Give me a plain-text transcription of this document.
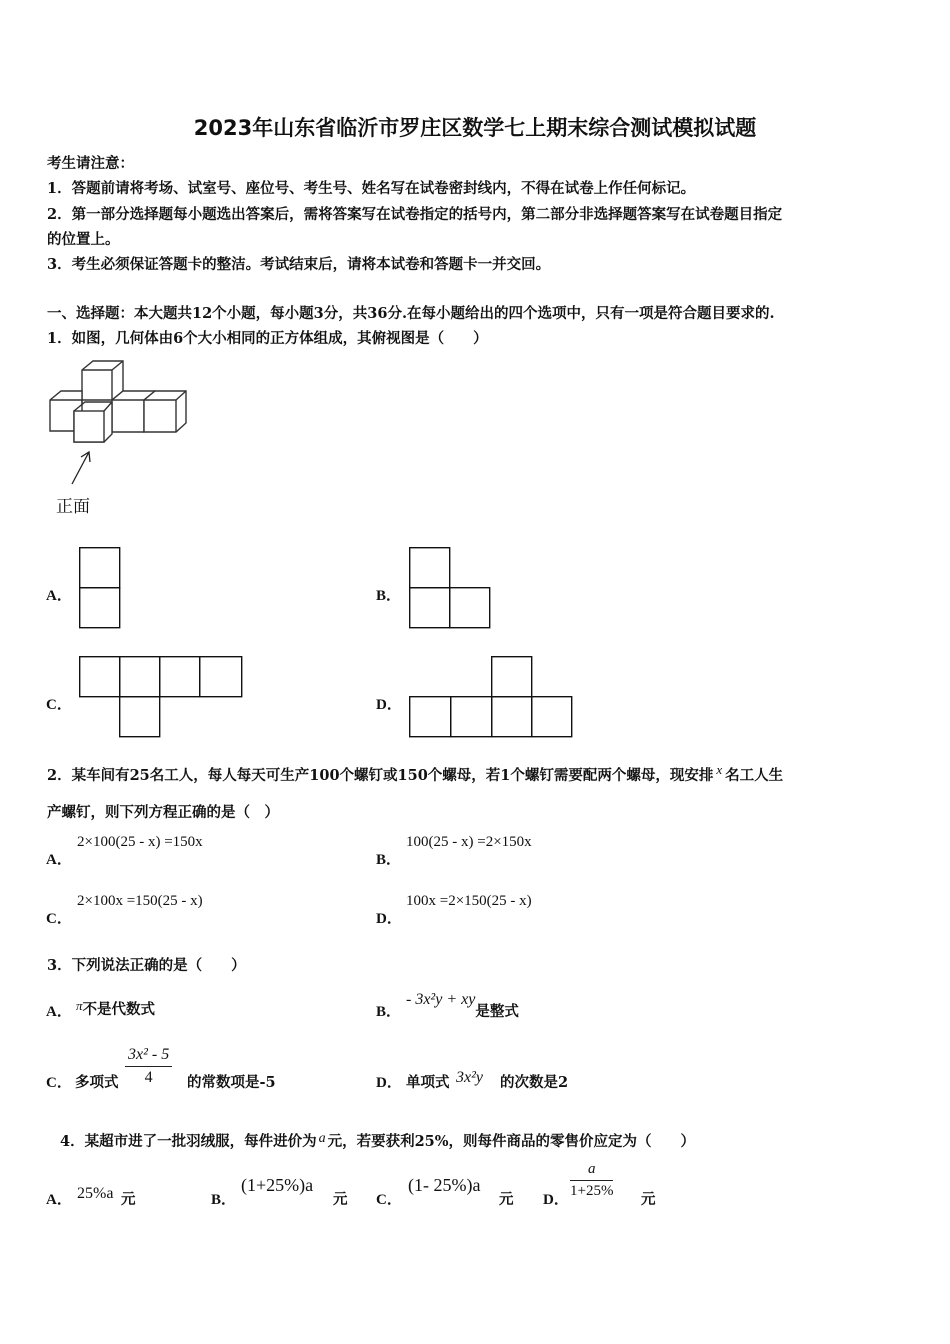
2023年山东省临沂市罗庄区数学七上期末综合测试模拟试题
考生请注意：
1．答题前请将考场、试室号、座位号、考生号、姓名写在试卷密封线内，不得在试卷上作任何标记。
2．第一部分选择题每小题选出答案后，需将答案写在试卷指定的括号内，第二部分非选择题答案写在试卷题目指定
的位置上。
3．考生必须保证答题卡的整洁。考试结束后，请将本试卷和答题卡一并交回。
一、选择题：本大题共12个小题，每小题3分，共36分.在每小题给出的四个选项中，只有一项是符合题目要求的.
1．如图，几何体由6个大小相同的正方体组成，其俯视图是（　　）
正面
A．	B．
C．	D．
2．某车间有25名工人，每人每天可生产100个螺钉或150个螺母，若1个螺钉需要配两个螺母，现安排 x 名工人生
产螺钉，则下列方程正确的是（　）
A．
2×100(25 - x) =150x
B．
100(25 - x) =2×150x
C．
2×100x =150(25 - x)
D．
100x =2×150(25 - x)
3．下列说法正确的是（　　）
A． $^\pi$不是代数式	B．
- 3x²y + xy是整式
C． 多项式 $\frac{\text{3x² - 5}}{4}$ 的常数项是-5	D． 单项式 3x²y 的次数是2
4．某超市进了一批羽绒服，每件进价为 a 元，若要获利25%，则每件商品的零售价应定为（　　）
A． 25%a 元	B．
(1+25%)a
元 C．
(1- 25%)a
元 D． $\frac{a}{1+25\%}$ 元
